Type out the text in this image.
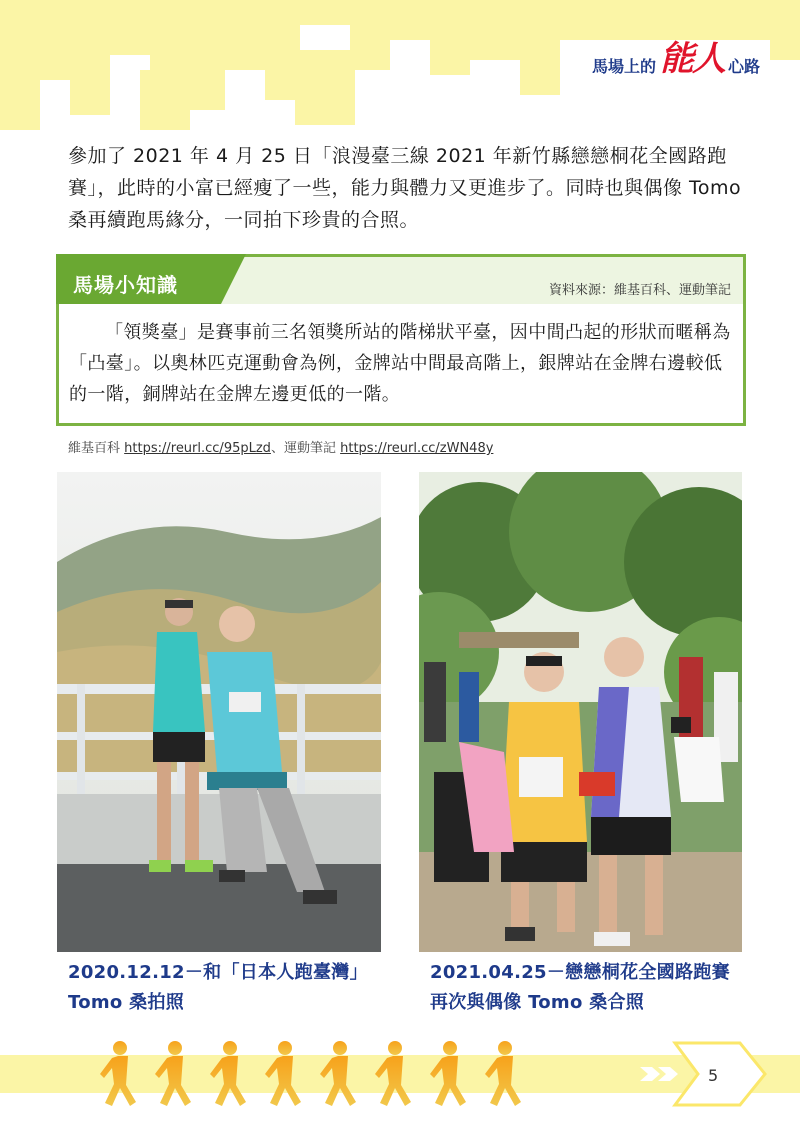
馬場上的 能人 心路

參加了 2021 年 4 月 25 日「浪漫臺三線 2021 年新竹縣戀戀桐花全國路跑賽」，此時的小富已經瘦了一些，能力與體力又更進步了。同時也與偶像 Tomo 桑再續跑馬緣分，一同拍下珍貴的合照。

馬場小知識	資料來源：維基百科、運動筆記

「領獎臺」是賽事前三名領獎所站的階梯狀平臺，因中間凸起的形狀而暱稱為「凸臺」。以奧林匹克運動會為例，金牌站中間最高階上，銀牌站在金牌右邊較低的一階，銅牌站在金牌左邊更低的一階。

維基百科 https://reurl.cc/95pLzd、運動筆記 https://reurl.cc/zWN48y

2020.12.12－和「日本人跑臺灣」
Tomo 桑拍照

2021.04.25－戀戀桐花全國路跑賽
再次與偶像 Tomo 桑合照

5
